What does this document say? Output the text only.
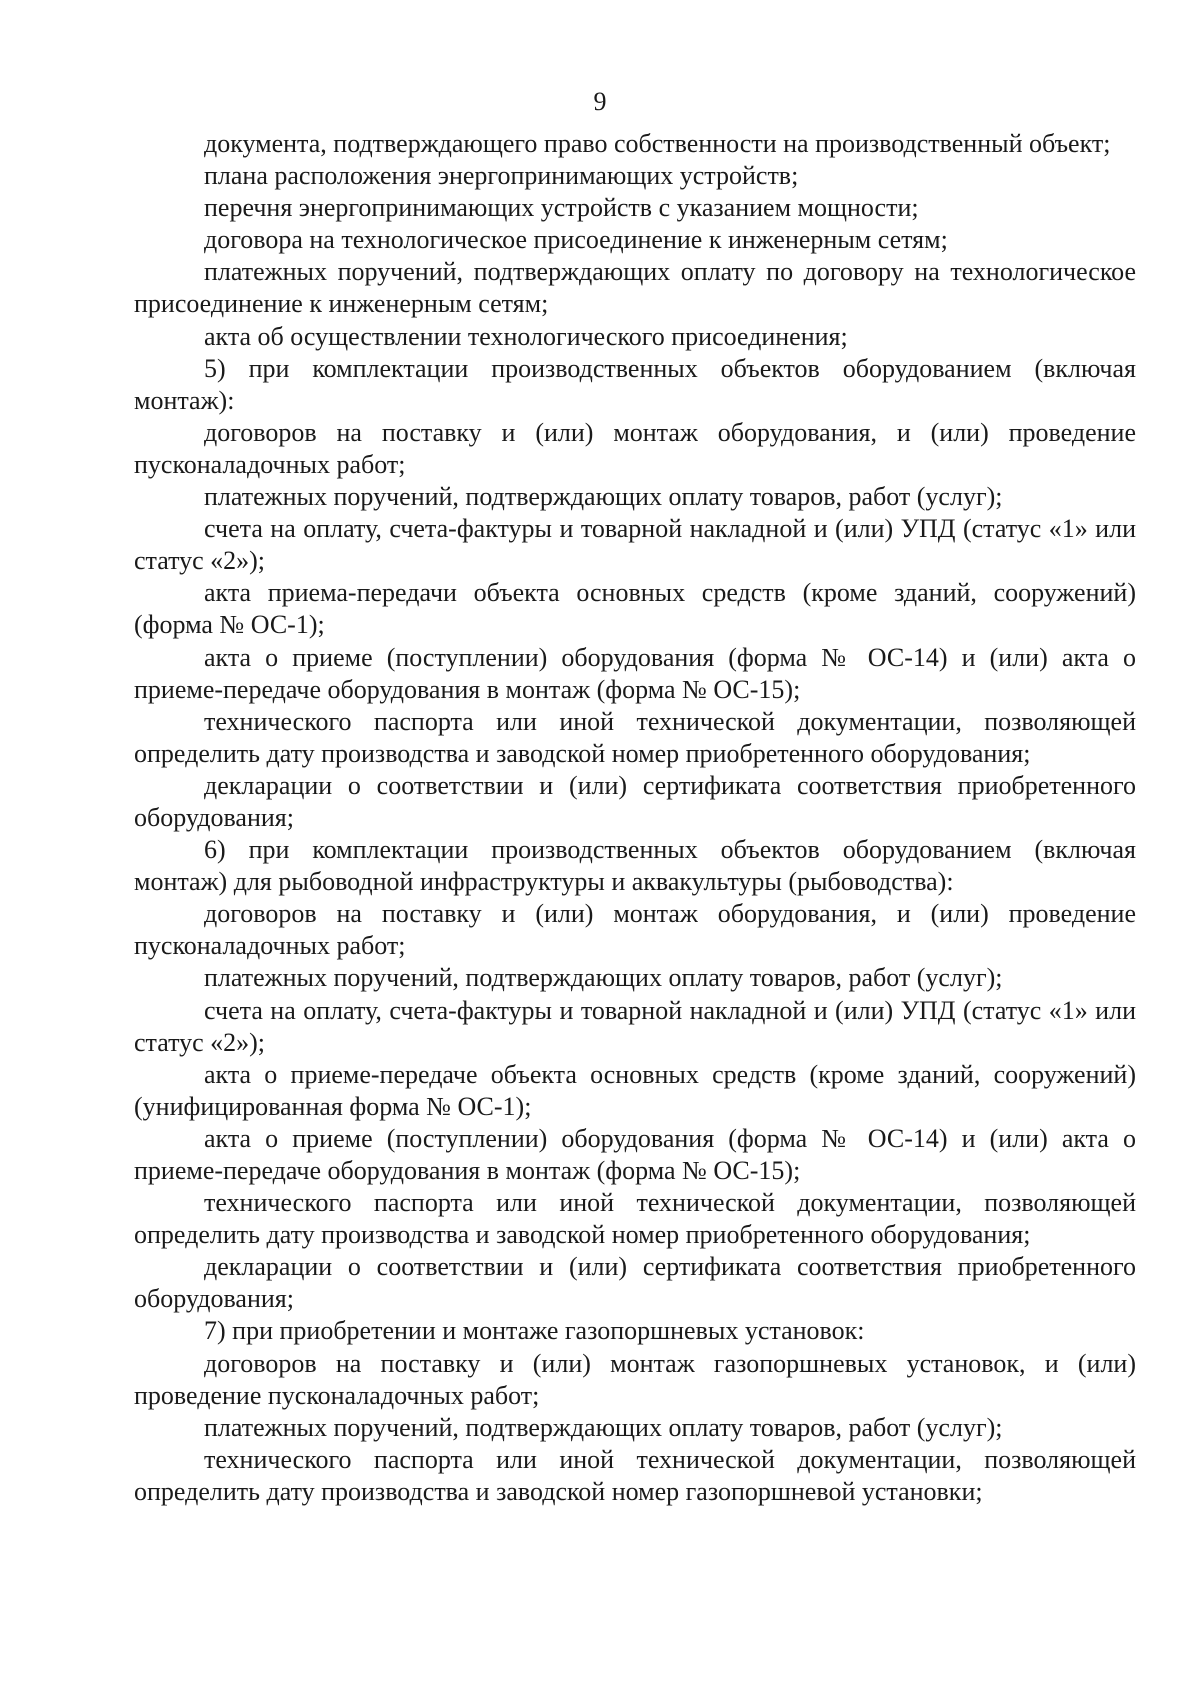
9

документа, подтверждающего право собственности на производственный объект;

плана расположения энергопринимающих устройств;

перечня энергопринимающих устройств с указанием мощности;

договора на технологическое присоединение к инженерным сетям;

платежных поручений, подтверждающих оплату по договору на технологическое присоединение к инженерным сетям;

акта об осуществлении технологического присоединения;

5) при комплектации производственных объектов оборудованием (включая монтаж):

договоров на поставку и (или) монтаж оборудования, и (или) проведение пусконаладочных работ;

платежных поручений, подтверждающих оплату товаров, работ (услуг);

счета на оплату, счета-фактуры и товарной накладной и (или) УПД (статус «1» или статус «2»);

акта приема-передачи объекта основных средств (кроме зданий, сооружений) (форма № ОС-1);

акта о приеме (поступлении) оборудования (форма № ОС-14) и (или) акта о приеме-передаче оборудования в монтаж (форма № ОС-15);

технического паспорта или иной технической документации, позволяющей определить дату производства и заводской номер приобретенного оборудования;

декларации о соответствии и (или) сертификата соответствия приобретенного оборудования;

6) при комплектации производственных объектов оборудованием (включая монтаж) для рыбоводной инфраструктуры и аквакультуры (рыбоводства):

договоров на поставку и (или) монтаж оборудования, и (или) проведение пусконаладочных работ;

платежных поручений, подтверждающих оплату товаров, работ (услуг);

счета на оплату, счета-фактуры и товарной накладной и (или) УПД (статус «1» или статус «2»);

акта о приеме-передаче объекта основных средств (кроме зданий, сооружений) (унифицированная форма № ОС-1);

акта о приеме (поступлении) оборудования (форма № ОС-14) и (или) акта о приеме-передаче оборудования в монтаж (форма № ОС-15);

технического паспорта или иной технической документации, позволяющей определить дату производства и заводской номер приобретенного оборудования;

декларации о соответствии и (или) сертификата соответствия приобретенного оборудования;

7) при приобретении и монтаже газопоршневых установок:

договоров на поставку и (или) монтаж газопоршневых установок, и (или) проведение пусконаладочных работ;

платежных поручений, подтверждающих оплату товаров, работ (услуг);

технического паспорта или иной технической документации, позволяющей определить дату производства и заводской номер газопоршневой установки;
